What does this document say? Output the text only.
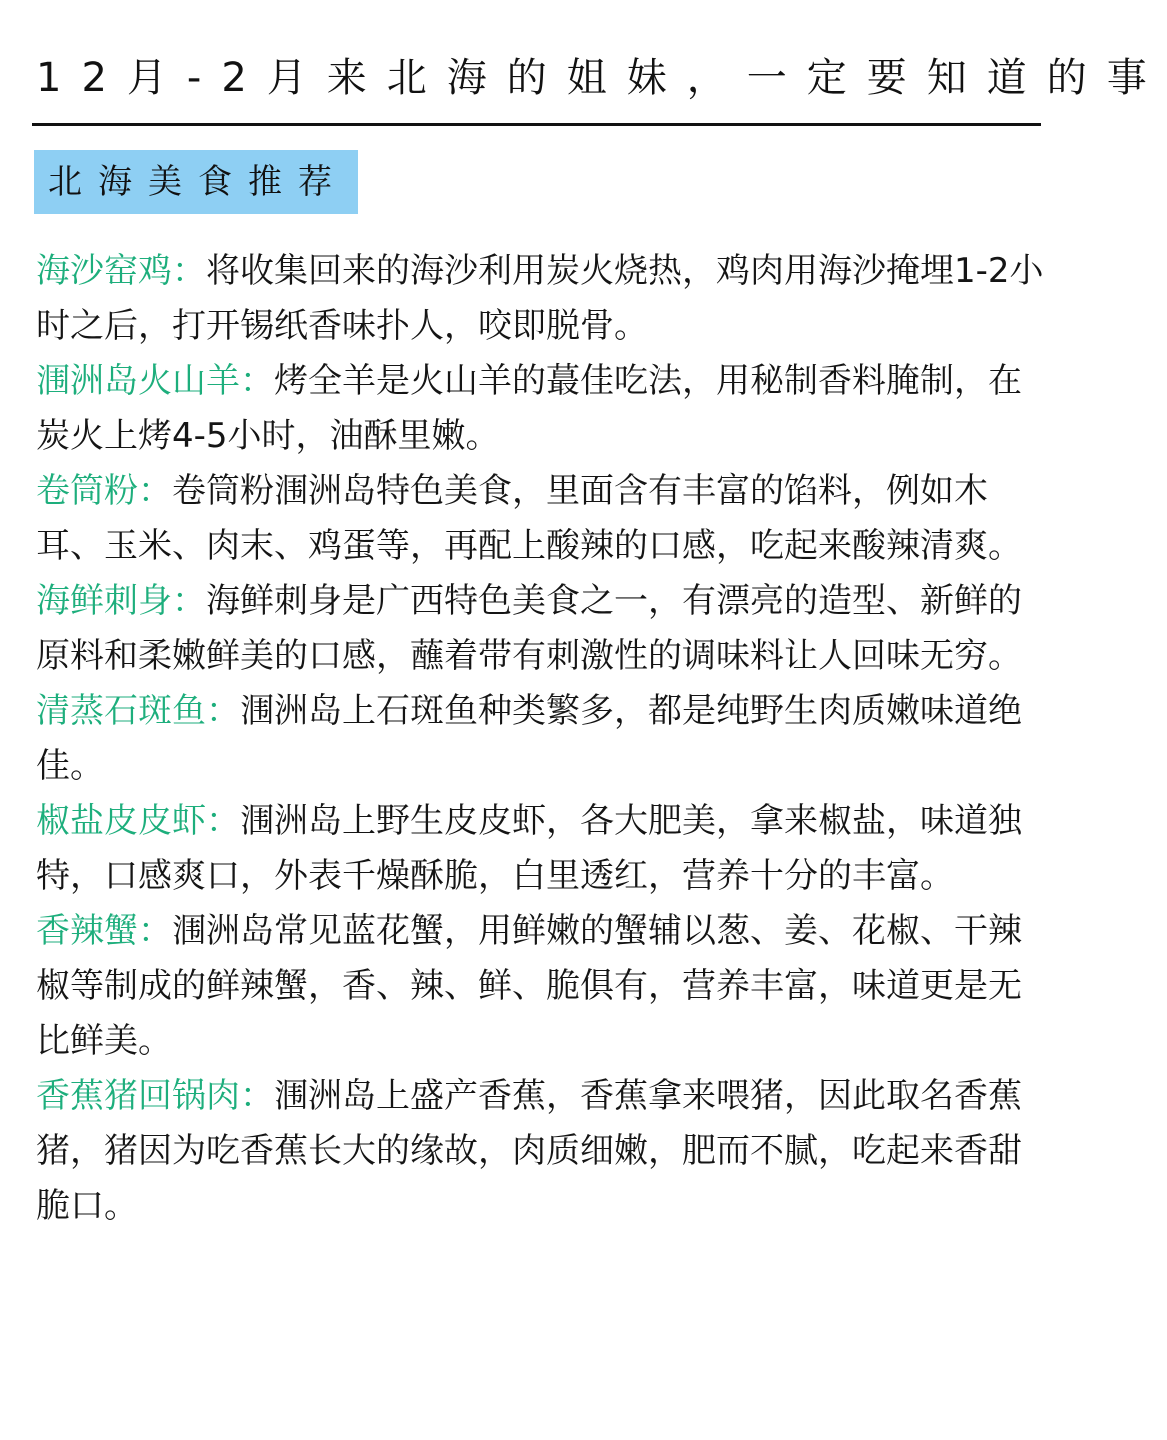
12月-2月来北海的姐妹，一定要知道的事
北海美食推荐

海沙窑鸡：将收集回来的海沙利用炭火烧热，鸡肉用海沙掩埋1-2小时之后，打开锡纸香味扑人，咬即脱骨。

涠洲岛火山羊：烤全羊是火山羊的蕞佳吃法，用秘制香料腌制，在炭火上烤4-5小时，油酥里嫩。

卷筒粉：卷筒粉涠洲岛特色美食，里面含有丰富的馅料，例如木耳、玉米、肉末、鸡蛋等，再配上酸辣的口感，吃起来酸辣清爽。

海鲜刺身：海鲜刺身是广西特色美食之一，有漂亮的造型、新鲜的原料和柔嫩鲜美的口感，蘸着带有刺激性的调味料让人回味无穷。

清蒸石斑鱼：涠洲岛上石斑鱼种类繁多，都是纯野生肉质嫩味道绝佳。

椒盐皮皮虾：涠洲岛上野生皮皮虾，各大肥美，拿来椒盐，味道独特，口感爽口，外表千燥酥脆，白里透红，营养十分的丰富。

香辣蟹：涠洲岛常见蓝花蟹，用鲜嫩的蟹辅以葱、姜、花椒、干辣椒等制成的鲜辣蟹，香、辣、鲜、脆俱有，营养丰富，味道更是无比鲜美。

香蕉猪回锅肉：涠洲岛上盛产香蕉，香蕉拿来喂猪，因此取名香蕉猪，猪因为吃香蕉长大的缘故，肉质细嫩，肥而不腻，吃起来香甜脆口。
